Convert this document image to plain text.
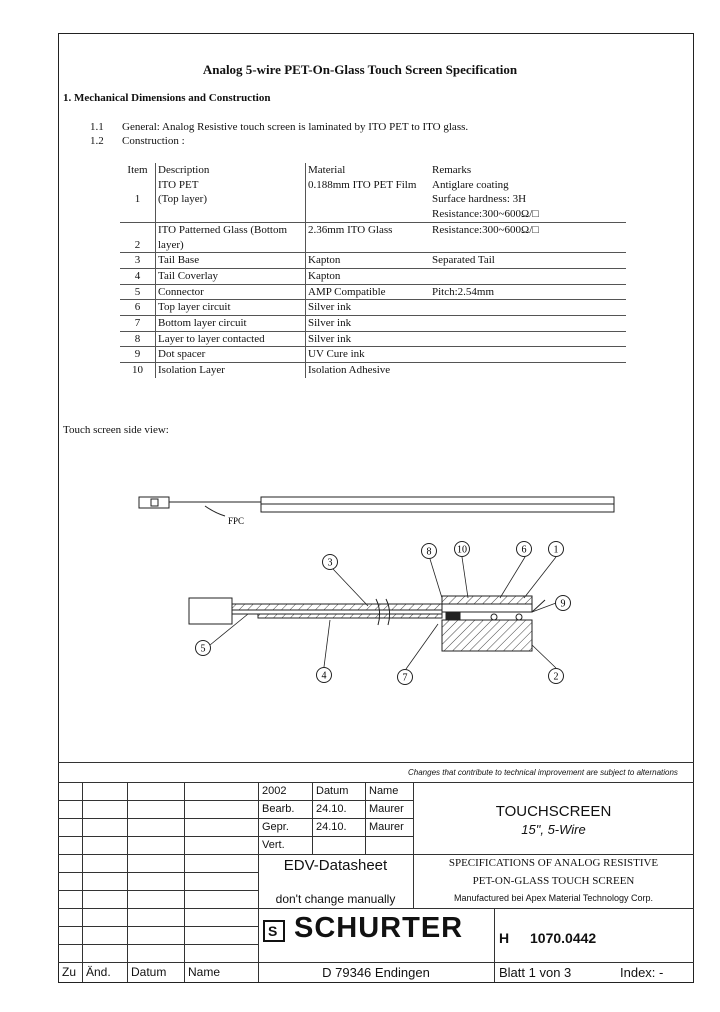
Analog 5-wire PET-On-Glass Touch Screen Specification
1. Mechanical Dimensions and Construction
1.1 General: Analog Resistive touch screen is laminated by ITO PET to ITO glass.
1.2 Construction :
Item	Description	Material	Remarks
	ITO PET	0.188mm ITO PET Film	Antiglare coating
1	(Top layer)		Surface hardness: 3H
			Resistance:300~600Ω/□
	ITO Patterned Glass (Bottom	2.36mm ITO Glass	Resistance:300~600Ω/□
2	layer)		
3	Tail Base	Kapton	Separated Tail
4	Tail Coverlay	Kapton	
5	Connector	AMP Compatible	Pitch:2.54mm
6	Top layer circuit	Silver ink	
7	Bottom layer circuit	Silver ink	
8	Layer to layer contacted	Silver ink	
9	Dot spacer	UV Cure ink	
10	Isolation Layer	Isolation Adhesive	
Touch screen side view:
FPC
1
2
3
4
5
6
7
8
9
10
Changes that contribute to technical improvement are subject to alternations
2002	Datum Name
Bearb. 24.10. Maurer
Gepr. 24.10. Maurer
Vert.
TOUCHSCREEN
15", 5-Wire
EDV-Datasheet
don't change manually
SPECIFICATIONS OF ANALOG RESISTIVE
PET-ON-GLASS TOUCH SCREEN
Manufactured bei Apex Material Technology Corp.
S SCHURTER	H 1070.0442
Zu Änd. Datum Name	D 79346 Endingen	Blatt 1 von 3	Index: -
